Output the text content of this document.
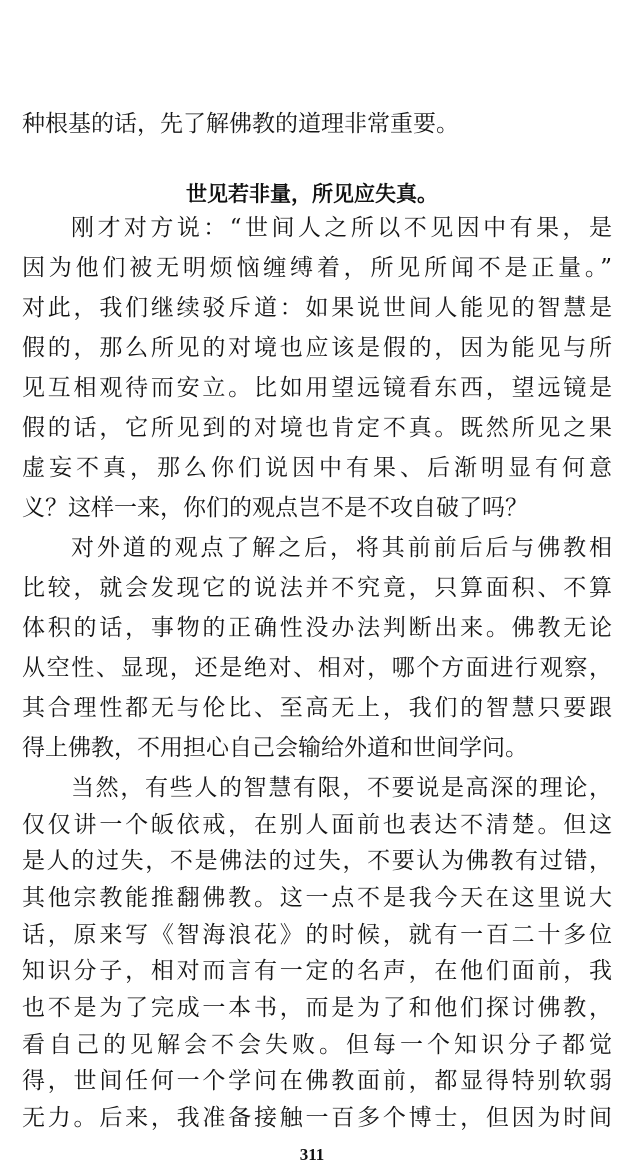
种根基的话，先了解佛教的道理非常重要。
世见若非量，所见应失真。
刚才对方说：“世间人之所以不见因中有果，是
因为他们被无明烦恼缠缚着，所见所闻不是正量。”
对此，我们继续驳斥道：如果说世间人能见的智慧是
假的，那么所见的对境也应该是假的，因为能见与所
见互相观待而安立。比如用望远镜看东西，望远镜是
假的话，它所见到的对境也肯定不真。既然所见之果
虚妄不真，那么你们说因中有果、后渐明显有何意
义？这样一来，你们的观点岂不是不攻自破了吗？
对外道的观点了解之后，将其前前后后与佛教相
比较，就会发现它的说法并不究竟，只算面积、不算
体积的话，事物的正确性没办法判断出来。佛教无论
从空性、显现，还是绝对、相对，哪个方面进行观察，
其合理性都无与伦比、至高无上，我们的智慧只要跟
得上佛教，不用担心自己会输给外道和世间学问。
当然，有些人的智慧有限，不要说是高深的理论，
仅仅讲一个皈依戒，在别人面前也表达不清楚。但这
是人的过失，不是佛法的过失，不要认为佛教有过错，
其他宗教能推翻佛教。这一点不是我今天在这里说大
话，原来写《智海浪花》的时候，就有一百二十多位
知识分子，相对而言有一定的名声，在他们面前，我
也不是为了完成一本书，而是为了和他们探讨佛教，
看自己的见解会不会失败。但每一个知识分子都觉
得，世间任何一个学问在佛教面前，都显得特别软弱
无力。后来，我准备接触一百多个博士，但因为时间
311
